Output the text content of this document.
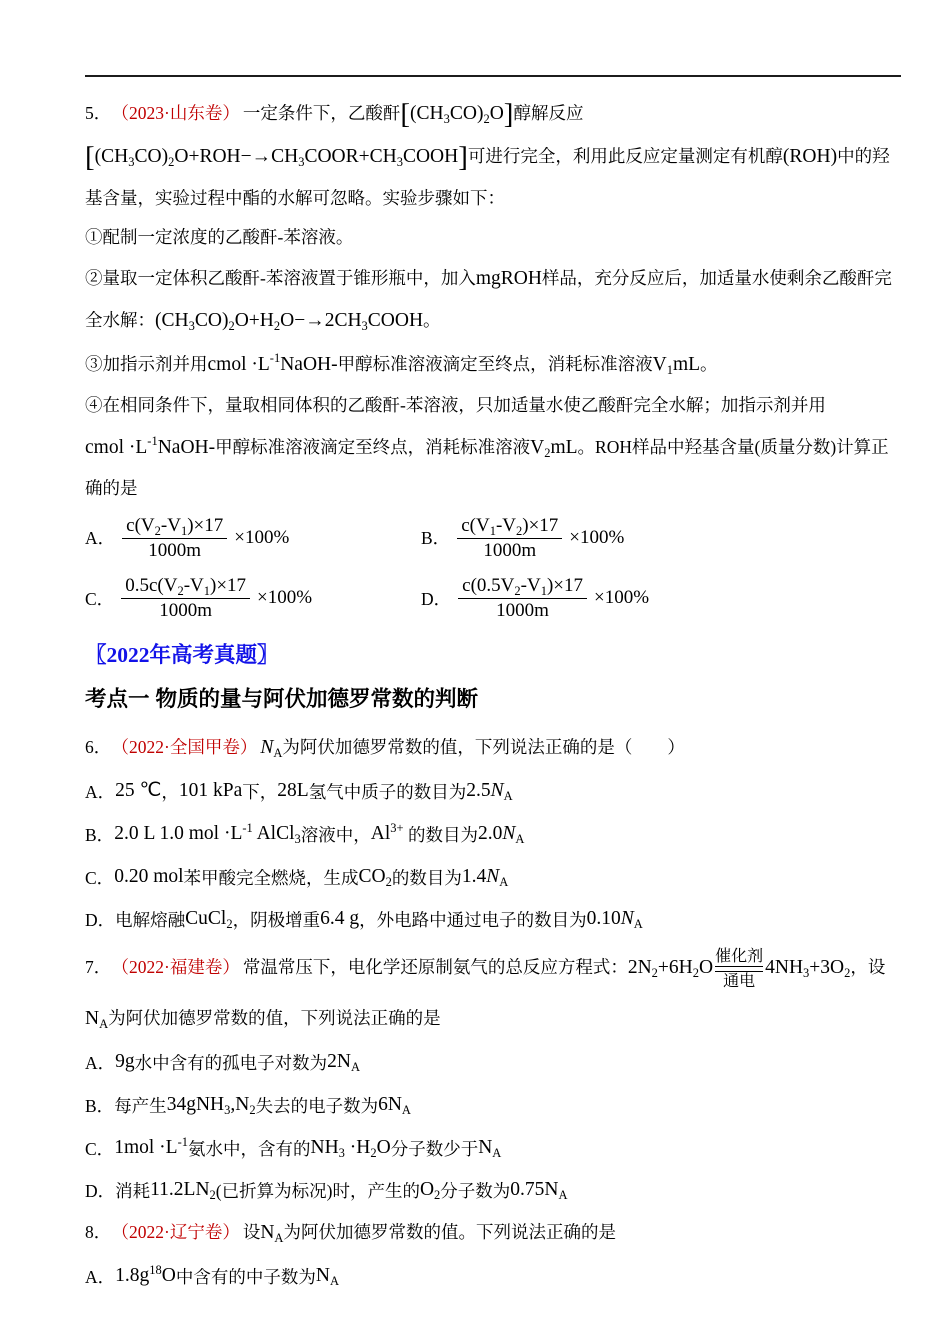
5． （2023·山东卷） 一定条件下，乙酸酐$[(CH_3CO)_2O]$醇解反应

$[(CH_3CO)_2O+ROH-\to CH_3COOR+CH_3COOH]$可进行完全，利用此反应定量测定有机醇(ROH)中的羟

基含量，实验过程中酯的水解可忽略。实验步骤如下：

①配制一定浓度的乙酸酐-苯溶液。

②量取一定体积乙酸酐-苯溶液置于锥形瓶中，加入mgROH样品，充分反应后，加适量水使剩余乙酸酐完

全水解：$(CH_3CO)_2O+H_2O-\to 2CH_3COOH$。

③加指示剂并用cmol $\cdot L^{-1}NaOH-$甲醇标准溶液滴定至终点，消耗标准溶液$V_1mL$。

④在相同条件下，量取相同体积的乙酸酐-苯溶液，只加适量水使乙酸酐完全水解；加指示剂并用

cmol $\cdot L^{-1}NaOH-$甲醇标准溶液滴定至终点，消耗标准溶液$V_2mL$。ROH样品中羟基含量(质量分数)计算正

确的是

A． $\frac{c(V_2-V_1)\times 17}{1000m} \times 100\%$	B． $\frac{c(V_1-V_2)\times 17}{1000m} \times 100\%$
C． $\frac{0.5c(V_2-V_1)\times 17}{1000m} \times 100\%$	D． $\frac{c(0.5V_2-V_1)\times 17}{1000m} \times 100\%$

〖2022年高考真题〗

考点一 物质的量与阿伏加德罗常数的判断

6． （2022·全国甲卷） $N_A$为阿伏加德罗常数的值，下列说法正确的是（　　）

A．25 ℃，101 kPa下，28L氢气中质子的数目为2.5NA

B．2.0 L 1.0 mol $\cdot L^{-1}$ AlCl3溶液中，$Al^{3+}$ 的数目为2.0NA

C．0.20 mol苯甲酸完全燃烧，生成CO2的数目为1.4NA

D．电解熔融CuCl2，阴极增重6.4 g，外电路中通过电子的数目为0.10NA

7． （2022·福建卷） 常温常压下，电化学还原制氨气的总反应方程式：$2N_2+6H_2O$
催化剂
通电
$4NH_3+3O_2$，设

$N_A$为阿伏加德罗常数的值，下列说法正确的是

A．9g水中含有的孤电子对数为2NA

B．每产生34gNH3,N2失去的电子数为6NA

C．$1mol \cdot L^{-1}$氨水中，含有的NH3 ·H2O分子数少于NA

D．消耗11.2LN2(已折算为标况)时，产生的O2分子数为0.75NA

8． （2022·辽宁卷） 设$N_A$为阿伏加德罗常数的值。下列说法正确的是

A．$1.8g^{18}O$中含有的中子数为NA
